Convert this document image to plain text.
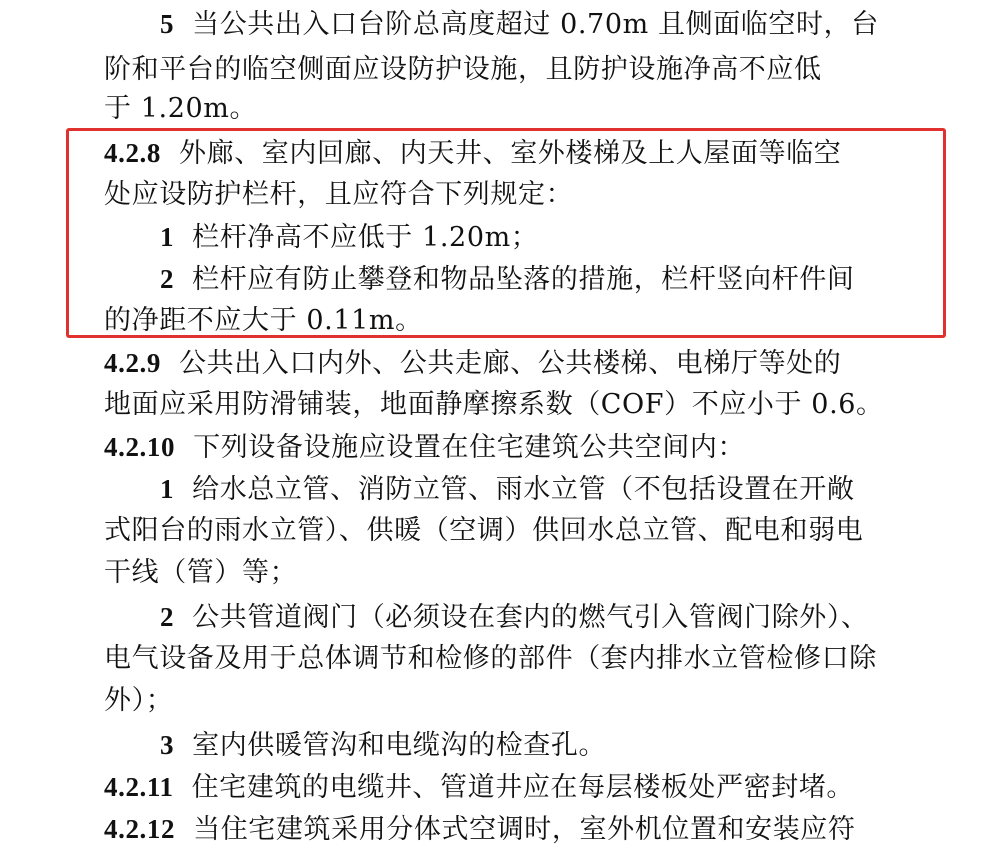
5 当公共出入口台阶总高度超过 0.70m 且侧面临空时，台
阶和平台的临空侧面应设防护设施，且防护设施净高不应低
于 1.20m。
4.2.8 外廊、室内回廊、内天井、室外楼梯及上人屋面等临空
处应设防护栏杆，且应符合下列规定：
1 栏杆净高不应低于 1.20m；
2 栏杆应有防止攀登和物品坠落的措施，栏杆竖向杆件间
的净距不应大于 0.11m。
4.2.9 公共出入口内外、公共走廊、公共楼梯、电梯厅等处的
地面应采用防滑铺装，地面静摩擦系数（COF）不应小于 0.6。
4.2.10 下列设备设施应设置在住宅建筑公共空间内：
1 给水总立管、消防立管、雨水立管（不包括设置在开敞
式阳台的雨水立管）、供暖（空调）供回水总立管、配电和弱电
干线（管）等；
2 公共管道阀门（必须设在套内的燃气引入管阀门除外）、
电气设备及用于总体调节和检修的部件（套内排水立管检修口除
外）；
3 室内供暖管沟和电缆沟的检查孔。
4.2.11 住宅建筑的电缆井、管道井应在每层楼板处严密封堵。
4.2.12 当住宅建筑采用分体式空调时，室外机位置和安装应符
